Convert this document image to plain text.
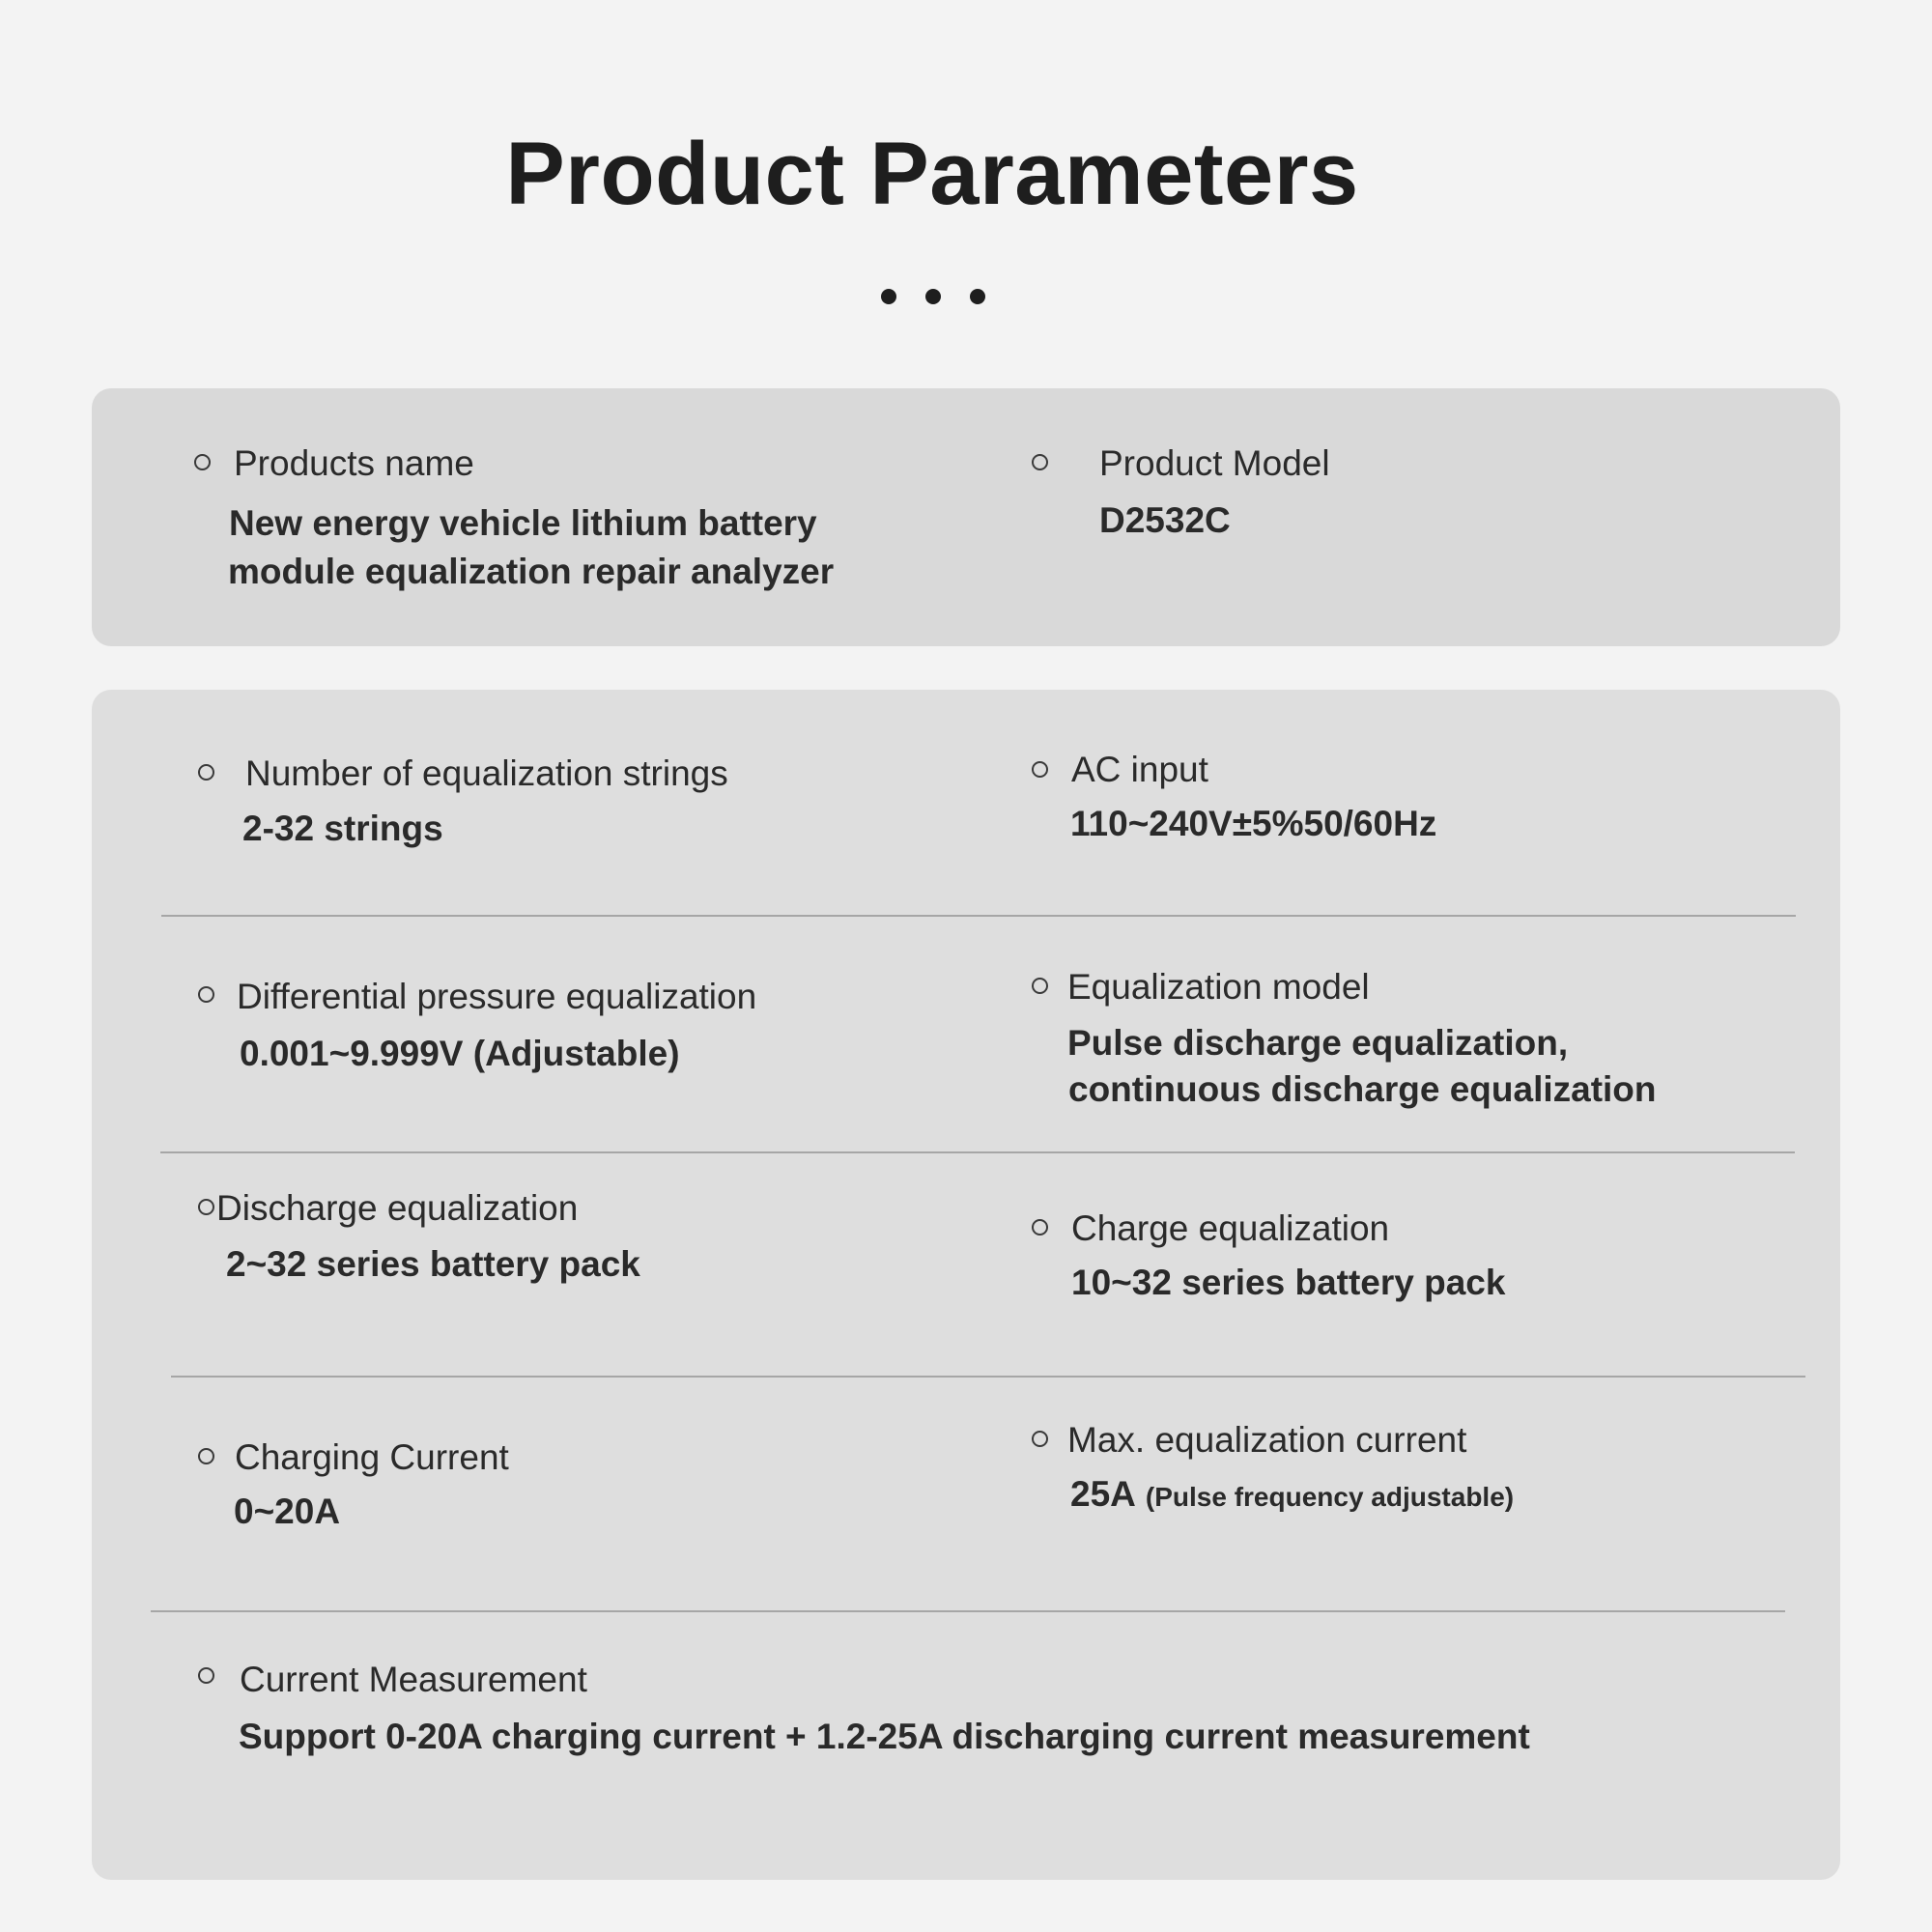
Product Parameters
Products name
New energy vehicle lithium battery
module equalization repair analyzer
Product Model
D2532C
Number of equalization strings
2-32 strings
AC input
110~240V±5%50/60Hz
Differential pressure equalization
0.001~9.999V (Adjustable)
Equalization model
Pulse discharge equalization,
continuous discharge equalization
Discharge equalization
2~32 series battery pack
Charge equalization
10~32 series battery pack
Charging Current
0~20A
Max. equalization current
25A (Pulse frequency adjustable)
Current Measurement
Support 0-20A charging current + 1.2-25A discharging current measurement
